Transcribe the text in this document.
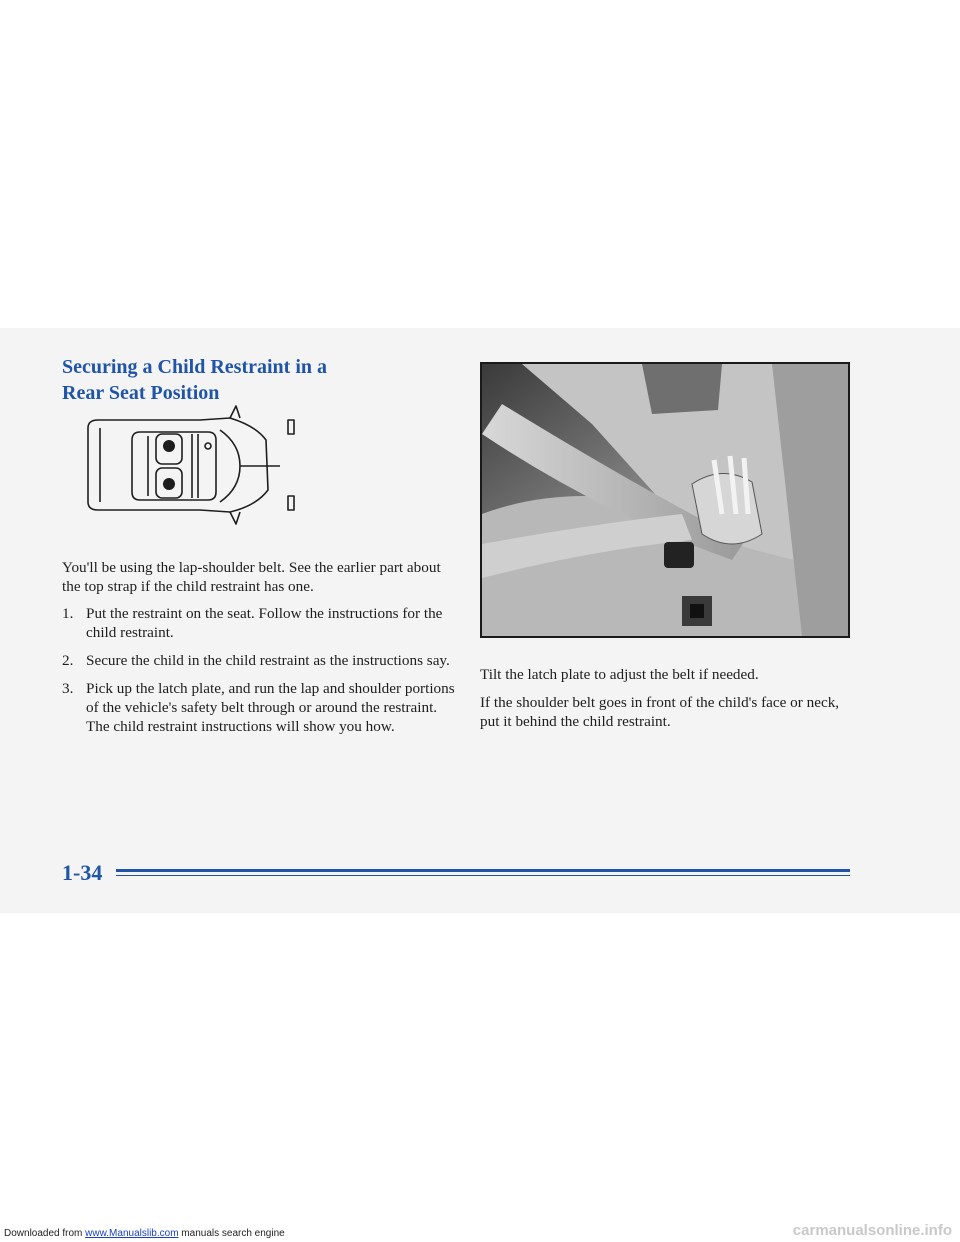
Securing a Child Restraint in a
Rear Seat Position

You'll be using the lap-shoulder belt. See the earlier part about the top strap if the child restraint has one.

1. Put the restraint on the seat. Follow the instructions for the child restraint.
2. Secure the child in the child restraint as the instructions say.
3. Pick up the latch plate, and run the lap and shoulder portions of the vehicle's safety belt through or around the restraint. The child restraint instructions will show you how.

Tilt the latch plate to adjust the belt if needed.

If the shoulder belt goes in front of the child's face or neck, put it behind the child restraint.

1-34
Downloaded from www.Manualslib.com manuals search engine	carmanualsonline.info
